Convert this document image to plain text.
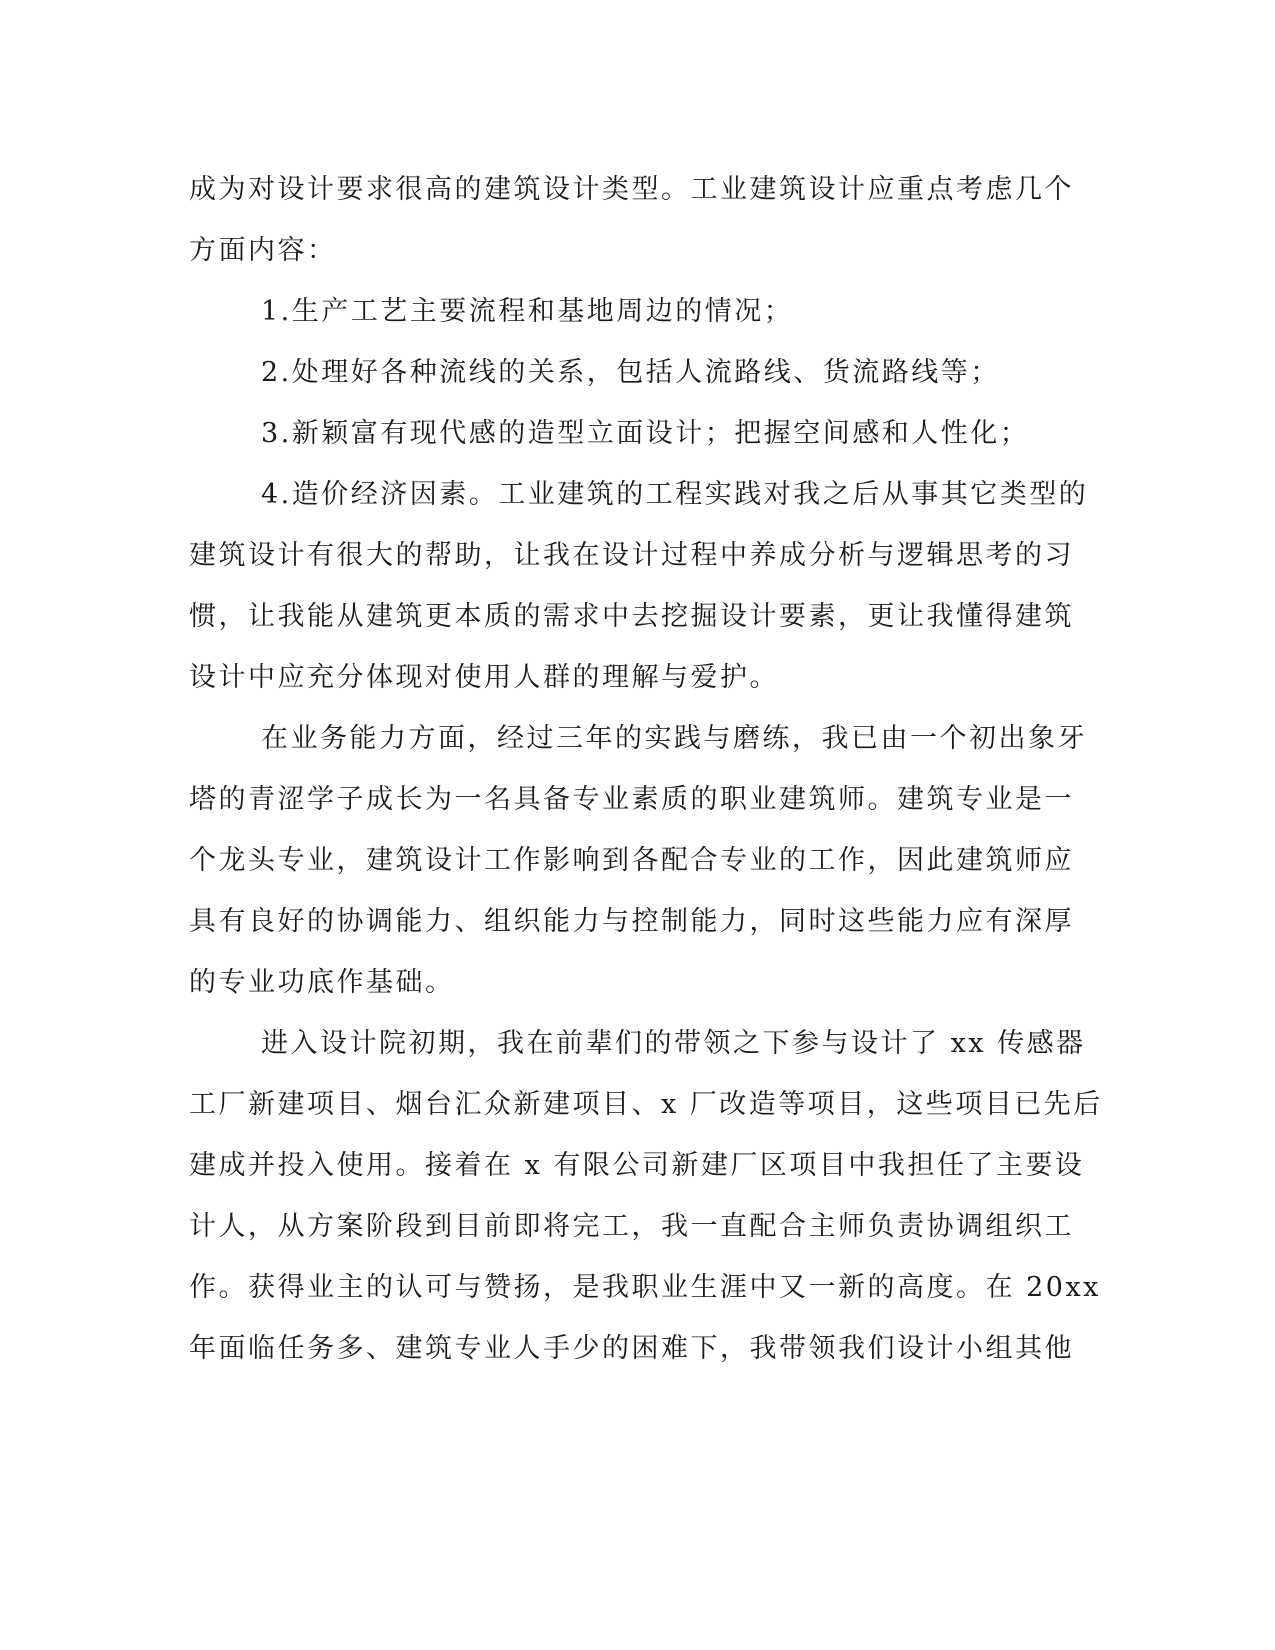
成为对设计要求很高的建筑设计类型。工业建筑设计应重点考虑几个
方面内容：
1.生产工艺主要流程和基地周边的情况；
2.处理好各种流线的关系，包括人流路线、货流路线等；
3.新颖富有现代感的造型立面设计；把握空间感和人性化；
4.造价经济因素。工业建筑的工程实践对我之后从事其它类型的
建筑设计有很大的帮助，让我在设计过程中养成分析与逻辑思考的习
惯，让我能从建筑更本质的需求中去挖掘设计要素，更让我懂得建筑
设计中应充分体现对使用人群的理解与爱护。
在业务能力方面，经过三年的实践与磨练，我已由一个初出象牙
塔的青涩学子成长为一名具备专业素质的职业建筑师。建筑专业是一
个龙头专业，建筑设计工作影响到各配合专业的工作，因此建筑师应
具有良好的协调能力、组织能力与控制能力，同时这些能力应有深厚
的专业功底作基础。
进入设计院初期，我在前辈们的带领之下参与设计了 xx 传感器
工厂新建项目、烟台汇众新建项目、x 厂改造等项目，这些项目已先后
建成并投入使用。接着在 x 有限公司新建厂区项目中我担任了主要设
计人，从方案阶段到目前即将完工，我一直配合主师负责协调组织工
作。获得业主的认可与赞扬，是我职业生涯中又一新的高度。在 20xx
年面临任务多、建筑专业人手少的困难下，我带领我们设计小组其他
